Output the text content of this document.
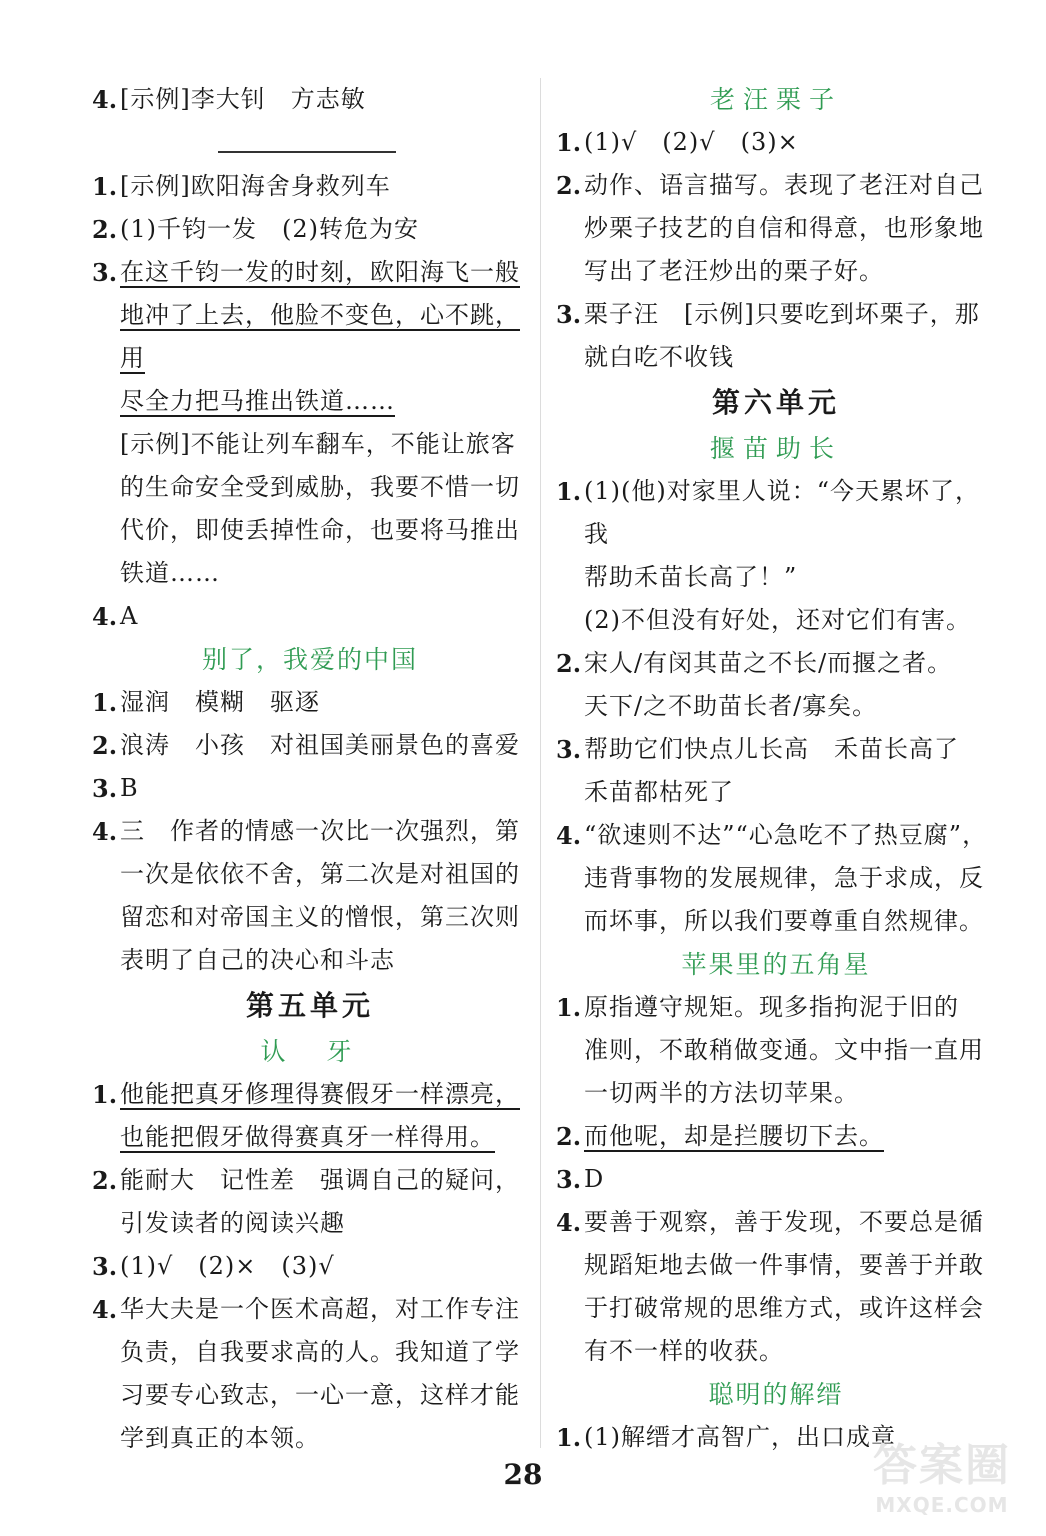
4. [示例]李大钊　方志敏
1. [示例]欧阳海舍身救列车
2. (1)千钧一发　(2)转危为安
3. 在这千钧一发的时刻，欧阳海飞一般
地冲了上去，他脸不变色，心不跳，用
尽全力把马推出铁道……
[示例]不能让列车翻车，不能让旅客
的生命安全受到威胁，我要不惜一切
代价，即使丢掉性命，也要将马推出
铁道……
4. A
别了，我爱的中国
1. 湿润　模糊　驱逐
2. 浪涛　小孩　对祖国美丽景色的喜爱
3. B
4. 三　作者的情感一次比一次强烈，第
一次是依依不舍，第二次是对祖国的
留恋和对帝国主义的憎恨，第三次则
表明了自己的决心和斗志
第五单元
认　牙
1. 他能把真牙修理得赛假牙一样漂亮，
也能把假牙做得赛真牙一样得用。
2. 能耐大　记性差　强调自己的疑问，
引发读者的阅读兴趣
3. (1)√　(2)×　(3)√
4. 华大夫是一个医术高超，对工作专注
负责，自我要求高的人。我知道了学
习要专心致志，一心一意，这样才能
学到真正的本领。
老汪栗子
1. (1)√　(2)√　(3)×
2. 动作、语言描写。表现了老汪对自己
炒栗子技艺的自信和得意，也形象地
写出了老汪炒出的栗子好。
3. 栗子汪　[示例]只要吃到坏栗子，那
就白吃不收钱
第六单元
揠苗助长
1. (1)(他)对家里人说：“今天累坏了，我
帮助禾苗长高了！”
(2)不但没有好处，还对它们有害。
2. 宋人/有闵其苗之不长/而揠之者。
天下/之不助苗长者/寡矣。
3. 帮助它们快点儿长高　禾苗长高了
禾苗都枯死了
4. “欲速则不达”“心急吃不了热豆腐”，
违背事物的发展规律，急于求成，反
而坏事，所以我们要尊重自然规律。
苹果里的五角星
1. 原指遵守规矩。现多指拘泥于旧的
准则，不敢稍做变通。文中指一直用
一切两半的方法切苹果。
2. 而他呢，却是拦腰切下去。
3. D
4. 要善于观察，善于发现，不要总是循
规蹈矩地去做一件事情，要善于并敢
于打破常规的思维方式，或许这样会
有不一样的收获。
聪明的解缙
1. (1)解缙才高智广，出口成章
28	答案圈
MXQE.COM
